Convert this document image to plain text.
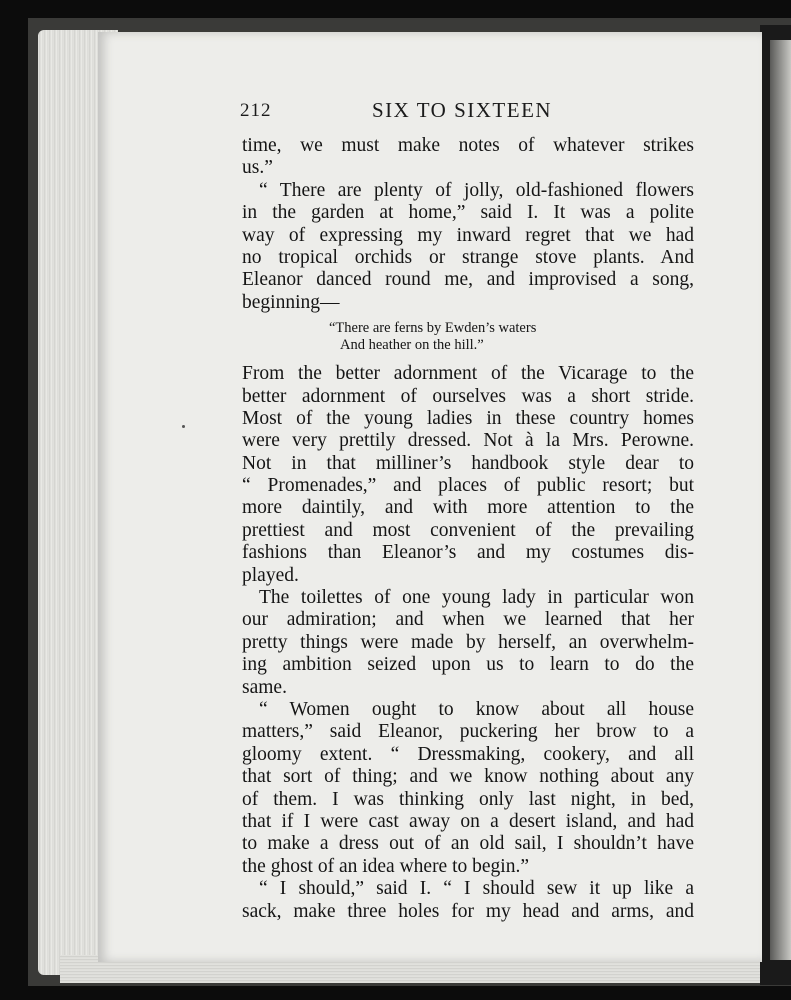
212	SIX TO SIXTEEN
time, we must make notes of whatever strikes
us.”
“ There are plenty of jolly, old-fashioned flowers
in the garden at home,” said I. It was a polite
way of expressing my inward regret that we had
no tropical orchids or strange stove plants. And
Eleanor danced round me, and improvised a song,
beginning—
“There are ferns by Ewden’s waters
And heather on the hill.”
From the better adornment of the Vicarage to the
better adornment of ourselves was a short stride.
Most of the young ladies in these country homes
were very prettily dressed. Not à la Mrs. Perowne.
Not in that milliner’s handbook style dear to
“ Promenades,” and places of public resort; but
more daintily, and with more attention to the
prettiest and most convenient of the prevailing
fashions than Eleanor’s and my costumes dis-
played.
The toilettes of one young lady in particular won
our admiration; and when we learned that her
pretty things were made by herself, an overwhelm-
ing ambition seized upon us to learn to do the
same.
“ Women ought to know about all house
matters,” said Eleanor, puckering her brow to a
gloomy extent. “ Dressmaking, cookery, and all
that sort of thing; and we know nothing about any
of them. I was thinking only last night, in bed,
that if I were cast away on a desert island, and had
to make a dress out of an old sail, I shouldn’t have
the ghost of an idea where to begin.”
“ I should,” said I. “ I should sew it up like a
sack, make three holes for my head and arms, and
